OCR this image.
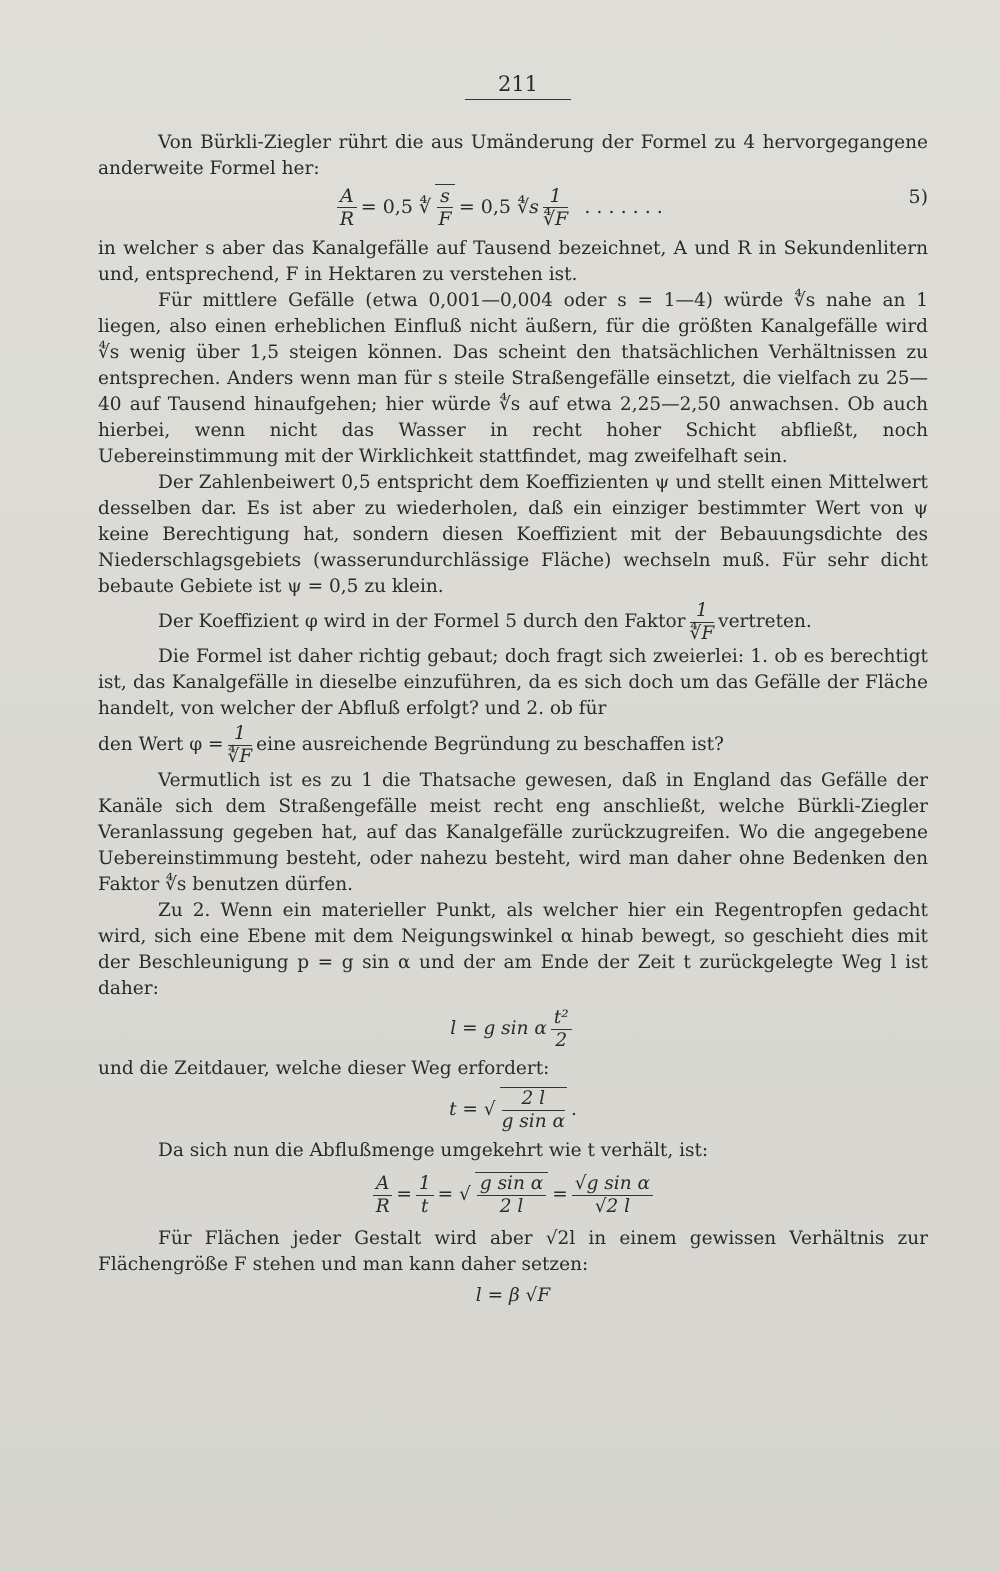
211

Von Bürkli-Ziegler rührt die aus Umänderung der Formel zu 4 hervorgegangene anderweite Formel her:

$\frac{A}{R} = 0,5$
∜ $\frac{s}{F} = 0,5$
∜s
1
∜F

. . . . . . .	5)

in welcher s aber das Kanalgefälle auf Tausend bezeichnet, A und R in Sekundenlitern und, entsprechend, F in Hektaren zu verstehen ist.

Für mittlere Gefälle (etwa 0,001—0,004 oder s = 1—4) würde ∜s nahe an 1 liegen, also einen erheblichen Einfluß nicht äußern, für die größten Kanalgefälle wird ∜s wenig über 1,5 steigen können. Das scheint den thatsächlichen Verhältnissen zu entsprechen. Anders wenn man für s steile Straßengefälle einsetzt, die vielfach zu 25—40 auf Tausend hinaufgehen; hier würde ∜s auf etwa 2,25—2,50 anwachsen. Ob auch hierbei, wenn nicht das Wasser in recht hoher Schicht abfließt, noch Uebereinstimmung mit der Wirklichkeit stattfindet, mag zweifelhaft sein.

Der Zahlenbeiwert 0,5 entspricht dem Koeffizienten ψ und stellt einen Mittelwert desselben dar. Es ist aber zu wiederholen, daß ein einziger bestimmter Wert von ψ keine Berechtigung hat, sondern diesen Koeffizient mit der Bebauungsdichte des Niederschlagsgebiets (wasserundurchlässige Fläche) wechseln muß. Für sehr dicht bebaute Gebiete ist ψ = 0,5 zu klein.

Der Koeffizient φ wird in der Formel 5 durch den Faktor
1
∜F
vertreten.

Die Formel ist daher richtig gebaut; doch fragt sich zweierlei: 1. ob es berechtigt ist, das Kanalgefälle in dieselbe einzuführen, da es sich doch um das Gefälle der Fläche handelt, von welcher der Abfluß erfolgt? und 2. ob für

den Wert $\varphi = \frac{1}{∜F}$ eine ausreichende Begründung zu beschaffen ist?

Vermutlich ist es zu 1 die Thatsache gewesen, daß in England das Gefälle der Kanäle sich dem Straßengefälle meist recht eng anschließt, welche Bürkli-Ziegler Veranlassung gegeben hat, auf das Kanalgefälle zurückzugreifen. Wo die angegebene Uebereinstimmung besteht, oder nahezu besteht, wird man daher ohne Bedenken den Faktor ∜s benutzen dürfen.

Zu 2. Wenn ein materieller Punkt, als welcher hier ein Regentropfen gedacht wird, sich eine Ebene mit dem Neigungswinkel α hinab bewegt, so geschieht dies mit der Beschleunigung p = g sin α und der am Ende der Zeit t zurückgelegte Weg l ist daher:

l = g sin α
t²
2

und die Zeitdauer, welche dieser Weg erfordert:

t = √ $\frac{2 l}{\text{g sin α}}$ .

Da sich nun die Abflußmenge umgekehrt wie t verhält, ist:

$\frac{A}{R} = \frac{1}{t}$ = √ $\frac{\text{g sin α}}{2 l} = \frac{\text{√g sin α}}{√2 l}$

Für Flächen jeder Gestalt wird aber √2l in einem gewissen Verhältnis zur Flächengröße F stehen und man kann daher setzen:

l = β √F
